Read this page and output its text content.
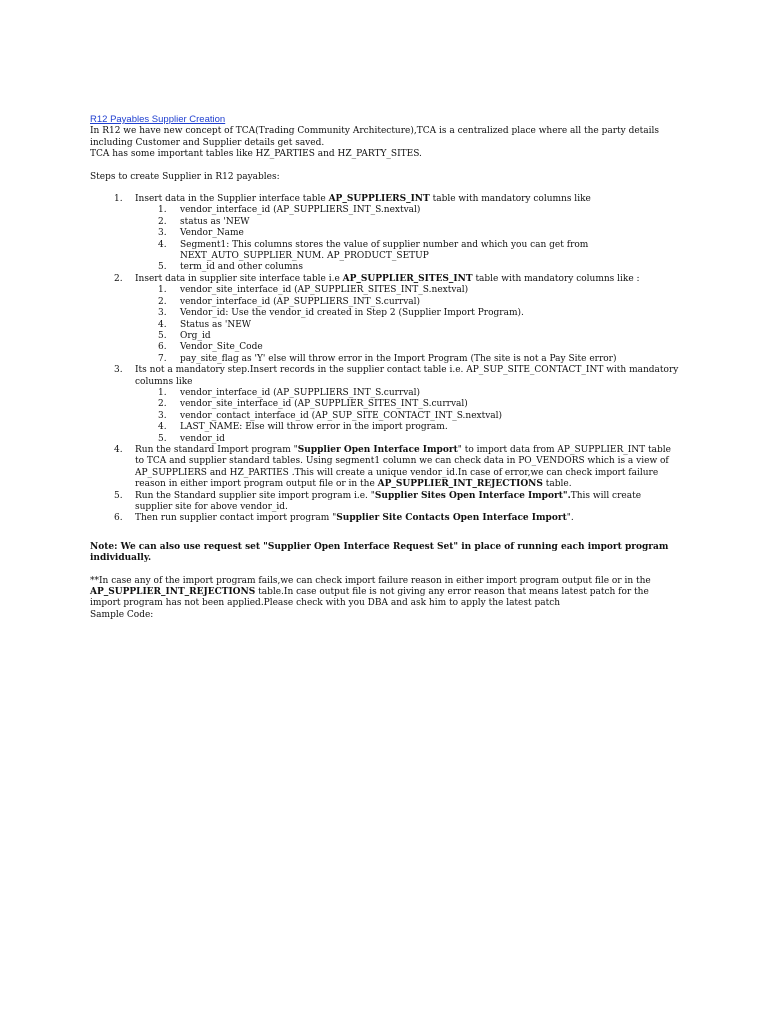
R12 Payables Supplier Creation

In R12 we have new concept of TCA(Trading Community Architecture),TCA is a centralized place where all the party details including Customer and Supplier details get saved.

TCA has some important tables like HZ_PARTIES and HZ_PARTY_SITES.

Steps to create Supplier in R12 payables:

1. Insert data in the Supplier interface table AP_SUPPLIERS_INT table with mandatory columns like
1. vendor_interface_id (AP_SUPPLIERS_INT_S.nextval)
2. status as 'NEW
3. Vendor_Name
4. Segment1: This columns stores the value of supplier number and which you can get from NEXT_AUTO_SUPPLIER_NUM. AP_PRODUCT_SETUP
5. term_id and other columns
2. Insert data in supplier site interface table i.e AP_SUPPLIER_SITES_INT table with mandatory columns like :
1. vendor_site_interface_id (AP_SUPPLIER_SITES_INT_S.nextval)
2. vendor_interface_id (AP_SUPPLIERS_INT_S.currval)
3. Vendor_id: Use the vendor_id created in Step 2 (Supplier Import Program).
4. Status as 'NEW
5. Org_id
6. Vendor_Site_Code
7. pay_site_flag as 'Y' else will throw error in the Import Program (The site is not a Pay Site error)
3. Its not a mandatory step.Insert records in the supplier contact table i.e. AP_SUP_SITE_CONTACT_INT with mandatory columns like
1. vendor_interface_id (AP_SUPPLIERS_INT_S.currval)
2. vendor_site_interface_id (AP_SUPPLIER_SITES_INT_S.currval)
3. vendor_contact_interface_id (AP_SUP_SITE_CONTACT_INT_S.nextval)
4. LAST_NAME: Else will throw error in the import program.
5. vendor_id
4. Run the standard Import program "Supplier Open Interface Import" to import data from AP_SUPPLIER_INT table to TCA and supplier standard tables. Using segment1 column we can check data in PO_VENDORS which is a view of AP_SUPPLIERS and HZ_PARTIES .This will create a unique vendor_id.In case of error,we can check import failure reason in either import program output file or in the AP_SUPPLIER_INT_REJECTIONS table.
5. Run the Standard supplier site import program i.e. "Supplier Sites Open Interface Import".This will create supplier site for above vendor_id.
6. Then run supplier contact import program "Supplier Site Contacts Open Interface Import".

Note: We can also use request set "Supplier Open Interface Request Set" in place of running each import program individually.

**In case any of the import program fails,we can check import failure reason in either import program output file or in the AP_SUPPLIER_INT_REJECTIONS table.In case output file is not giving any error reason that means latest patch for the import program has not been applied.Please check with you DBA and ask him to apply the latest patch

Sample Code:
